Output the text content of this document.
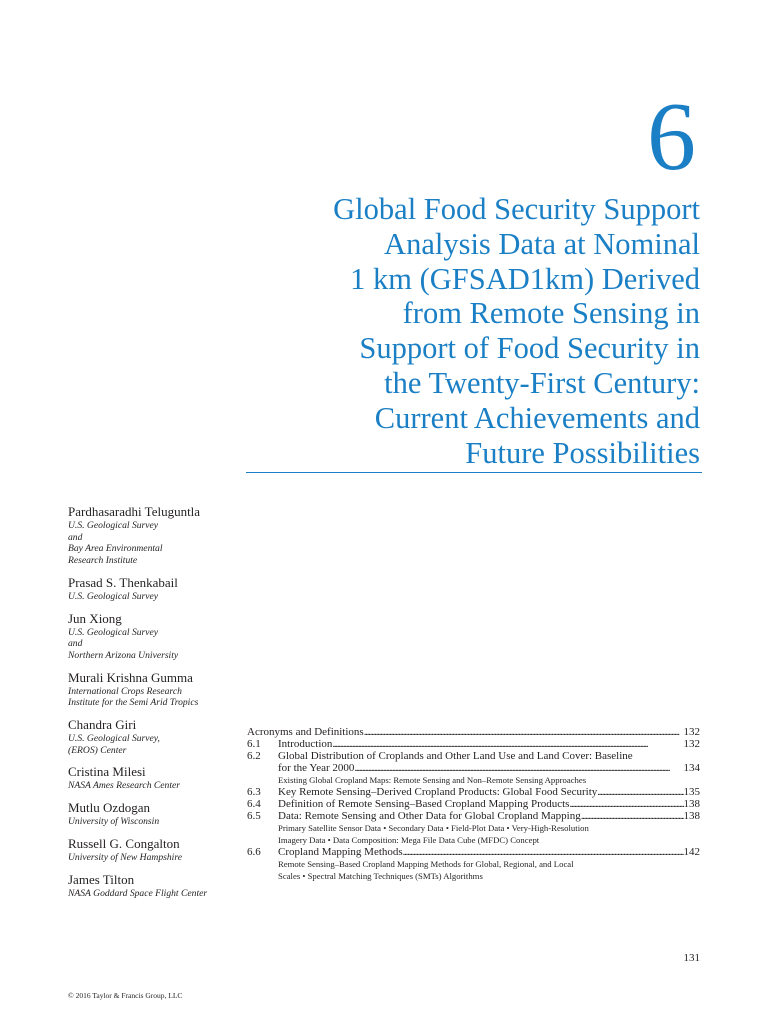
6
Global Food Security Support
Analysis Data at Nominal
1 km (GFSAD1km) Derived
from Remote Sensing in
Support of Food Security in
the Twenty-First Century:
Current Achievements and
Future Possibilities
Pardhasaradhi Teluguntla
U.S. Geological Survey
and
Bay Area Environmental
Research Institute
Prasad S. Thenkabail
U.S. Geological Survey
Jun Xiong
U.S. Geological Survey
and
Northern Arizona University
Murali Krishna Gumma
International Crops Research
Institute for the Semi Arid Tropics
Chandra Giri
U.S. Geological Survey,
(EROS) Center
Cristina Milesi
NASA Ames Research Center
Mutlu Ozdogan
University of Wisconsin
Russell G. Congalton
University of New Hampshire
James Tilton
NASA Goddard Space Flight Center
Acronyms and Definitions . . .	132
6.1	Introduction . . .	132
6.2	Global Distribution of Croplands and Other Land Use and Land Cover: Baseline
for the Year 2000 . . .	134
Existing Global Cropland Maps: Remote Sensing and Non–Remote Sensing Approaches
6.3	Key Remote Sensing–Derived Cropland Products: Global Food Security . . .	135
6.4	Definition of Remote Sensing–Based Cropland Mapping Products . . .	138
6.5	Data: Remote Sensing and Other Data for Global Cropland Mapping . . .	138
Primary Satellite Sensor Data • Secondary Data • Field-Plot Data • Very-High-Resolution
Imagery Data • Data Composition: Mega File Data Cube (MFDC) Concept
6.6	Cropland Mapping Methods . . .	142
Remote Sensing–Based Cropland Mapping Methods for Global, Regional, and Local
Scales • Spectral Matching Techniques (SMTs) Algorithms
131
© 2016 Taylor & Francis Group, LLC
